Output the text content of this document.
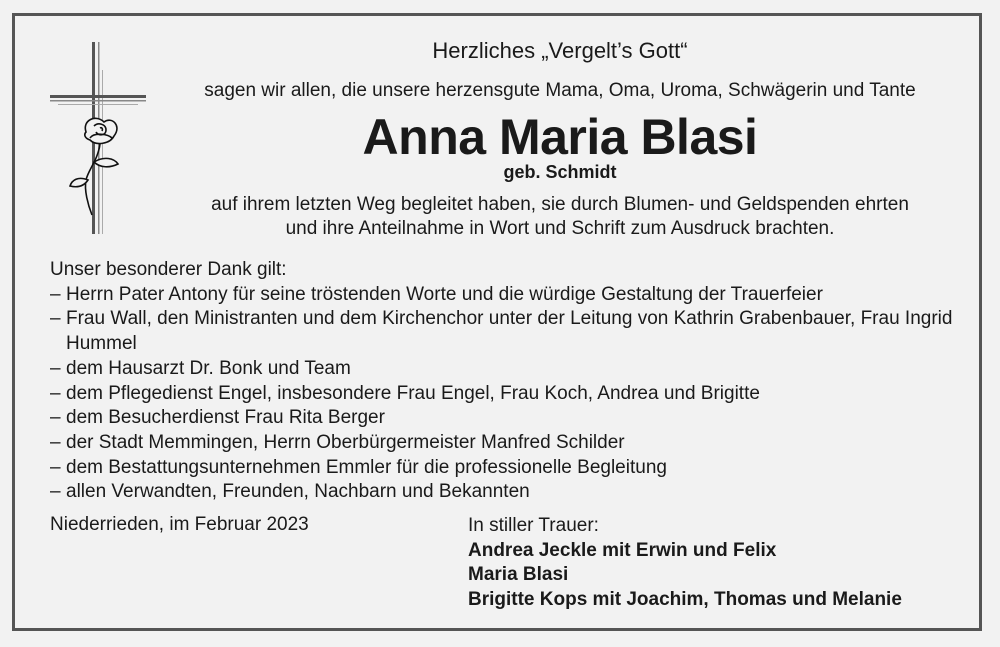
Herzliches „Vergelt’s Gott“
sagen wir allen, die unsere herzensgute Mama, Oma, Uroma, Schwägerin und Tante
Anna Maria Blasi
geb. Schmidt
auf ihrem letzten Weg begleitet haben, sie durch Blumen- und Geldspenden ehrten
und ihre Anteilnahme in Wort und Schrift zum Ausdruck brachten.
Unser besonderer Dank gilt:
– Herrn Pater Antony für seine tröstenden Worte und die würdige Gestaltung der Trauerfeier
– Frau Wall, den Ministranten und dem Kirchenchor unter der Leitung von Kathrin Grabenbauer, Frau Ingrid Hummel
– dem Hausarzt Dr. Bonk und Team
– dem Pflegedienst Engel, insbesondere Frau Engel, Frau Koch, Andrea und Brigitte
– dem Besucherdienst Frau Rita Berger
– der Stadt Memmingen, Herrn Oberbürgermeister Manfred Schilder
– dem Bestattungsunternehmen Emmler für die professionelle Begleitung
– allen Verwandten, Freunden, Nachbarn und Bekannten
Niederrieden, im Februar 2023	In stiller Trauer:
Andrea Jeckle mit Erwin und Felix
Maria Blasi
Brigitte Kops mit Joachim, Thomas und Melanie
